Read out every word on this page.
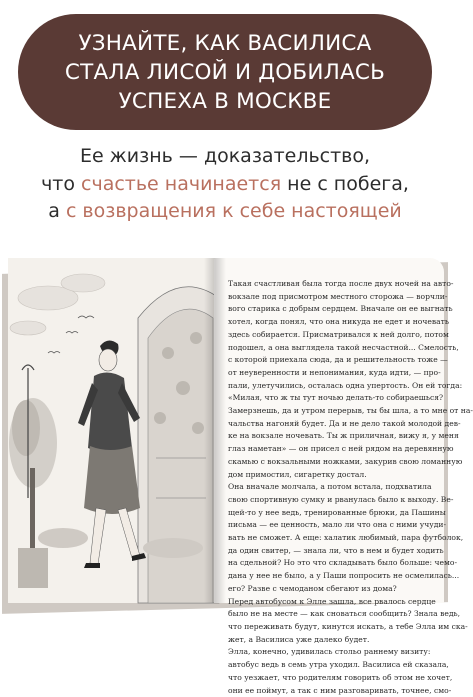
УЗНАЙТЕ, КАК ВАСИЛИСА
СТАЛА ЛИСОЙ И ДОБИЛАСЬ
УСПЕХА В МОСКВЕ
Ее жизнь — доказательство,
что счастье начинается не с побега,
а с возвращения к себе настоящей
Такая счастливая была тогда после двух ночей на авто-
вокзале под присмотром местного сторожа — ворчли-
вого старика с добрым сердцем. Вначале он ее выгнать
хотел, когда понял, что она никуда не едет и ночевать
здесь собирается. Присматривался к ней долго, потом
подошел, а она выглядела такой несчастной... Смелость,
с которой приехала сюда, да и решительность тоже —
от неуверенности и непонимания, куда идти, — про-
пали, улетучились, осталась одна упертость. Он ей тогда:
«Милая, что ж ты тут ночью делать-то собираешься?
Замерзнешь, да и утром перерыв, ты бы шла, а то мне от на-
чальства нагоняй будет. Да и не дело такой молодой дев-
ке на вокзале ночевать. Ты ж приличная, вижу я, у меня
глаз наметан» — он присел с ней рядом на деревянную
скамью с вокзальными ножками, закурив свою ломанную
дом примостил, сигаретку достал.
Она вначале молчала, а потом встала, подхватила
свою спортивную сумку и рванулась было к выходу. Ве-
щей-то у нее ведь, тренированные брюки, да Пашины
письма — ее ценность, мало ли что она с ними учуди-
вать не сможет. А еще: халатик любимый, пара футболок,
да один свитер, — знала ли, что в нем и будет ходить
на сдельной? Но это что складывать было больше: чемо-
дана у нее не было, а у Паши попросить не осмелилась...
его? Разве с чемоданом сбегают из дома?
Перед автобусом к Элле зашла, все рвалось сердце
было не на месте — как сноваться сообщить? Знала ведь,
что переживать будут, кинутся искать, а тебе Элла им ска-
жет, а Василиса уже далеко будет.
Элла, конечно, удивилась стольо раннему визиту:
автобус ведь в семь утра уходил. Василиса ей сказала,
что уезжает, что родителям говорить об этом не хочет,
они ее поймут, а так с ним разговаривать, точнее, смо-
